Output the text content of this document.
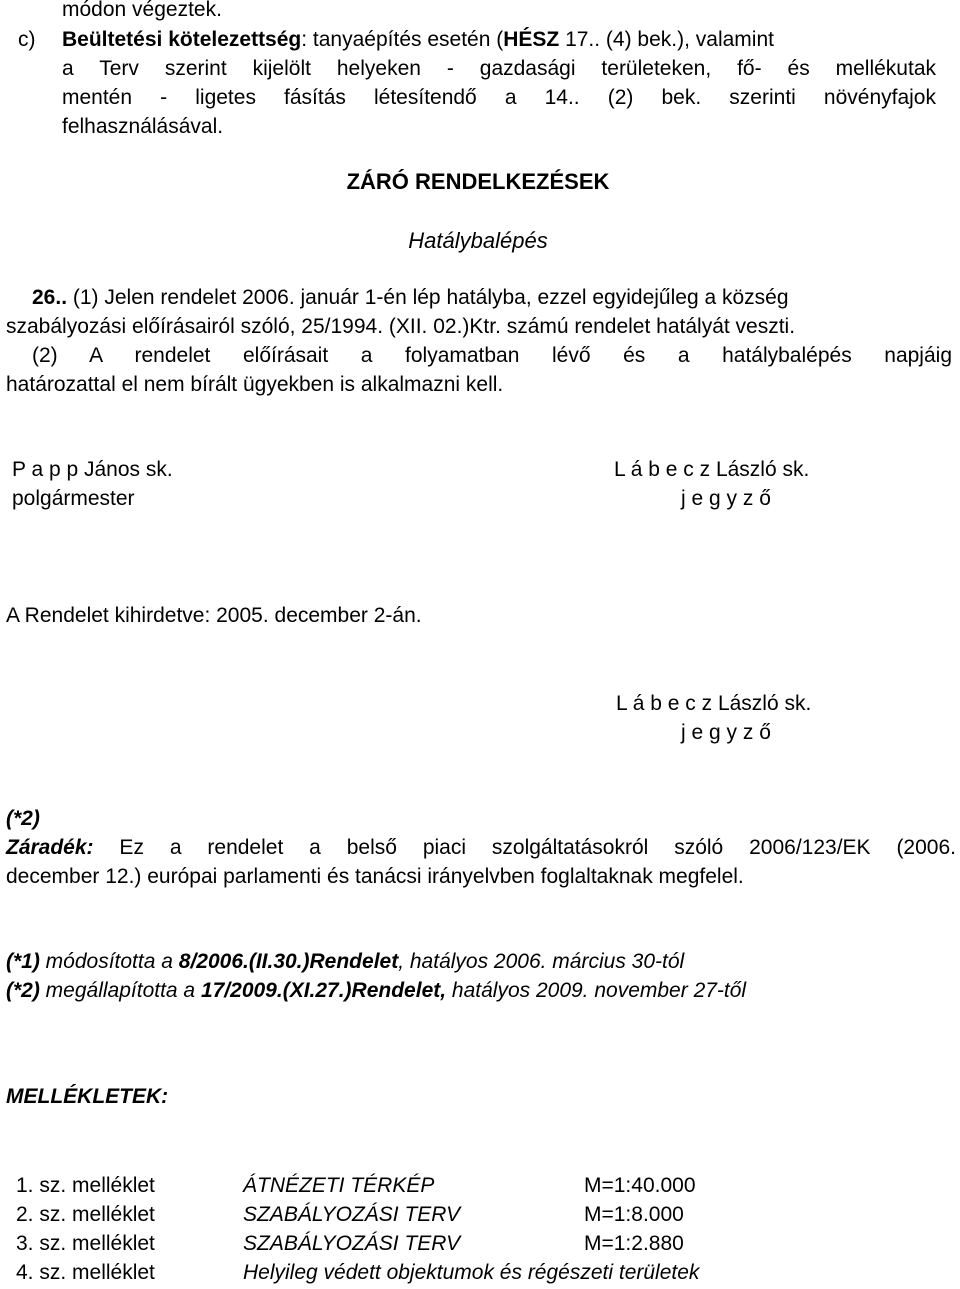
módon végeztek.
c) Beültetési kötelezettség: tanyaépítés esetén (HÉSZ 17.. (4) bek.), valamint
a Terv szerint kijelölt helyeken - gazdasági területeken, fő- és mellékutak
mentén - ligetes fásítás létesítendő a 14.. (2) bek. szerinti növényfajok
felhasználásával.
ZÁRÓ RENDELKEZÉSEK
Hatálybalépés
26.. (1) Jelen rendelet 2006. január 1-én lép hatályba, ezzel egyidejűleg a község
szabályozási előírásairól szóló, 25/1994. (XII. 02.)Ktr. számú rendelet hatályát veszti.
(2) A rendelet előírásait a folyamatban lévő és a hatálybalépés napjáig
határozattal el nem bírált ügyekben is alkalmazni kell.
P a p p János sk.
polgármester
L á b e c z László sk.
j e g y z ő
A Rendelet kihirdetve: 2005. december 2-án.
L á b e c z László sk.
j e g y z ő
(*2)
Záradék: Ez a rendelet a belső piaci szolgáltatásokról szóló 2006/123/EK (2006.
december 12.) európai parlamenti és tanácsi irányelvben foglaltaknak megfelel.
(*1) módosította a 8/2006.(II.30.)Rendelet, hatályos 2006. március 30-tól
(*2) megállapította a 17/2009.(XI.27.)Rendelet, hatályos 2009. november 27-től
MELLÉKLETEK:
1. sz. melléklet	ÁTNÉZETI TÉRKÉP	M=1:40.000
2. sz. melléklet	SZABÁLYOZÁSI TERV	M=1:8.000
3. sz. melléklet	SZABÁLYOZÁSI TERV	M=1:2.880
4. sz. melléklet	Helyileg védett objektumok és régészeti területek
